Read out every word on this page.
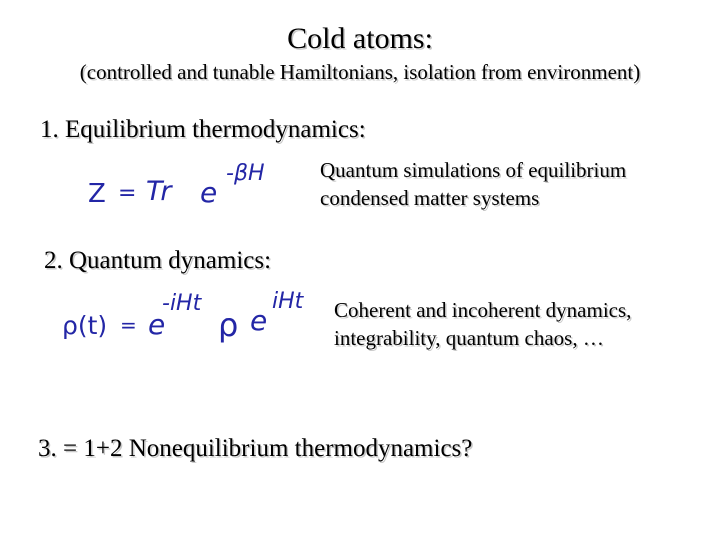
Cold atoms:
(controlled and tunable Hamiltonians, isolation from environment)
1. Equilibrium thermodynamics:
Z = Tr e
-βH	Quantum simulations of equilibrium
condensed matter systems
2. Quantum dynamics:
ρ(t) = e
-iHt
ρ e
iHt Coherent and incoherent dynamics,
integrability, quantum chaos, …
3. = 1+2 Nonequilibrium thermodynamics?
